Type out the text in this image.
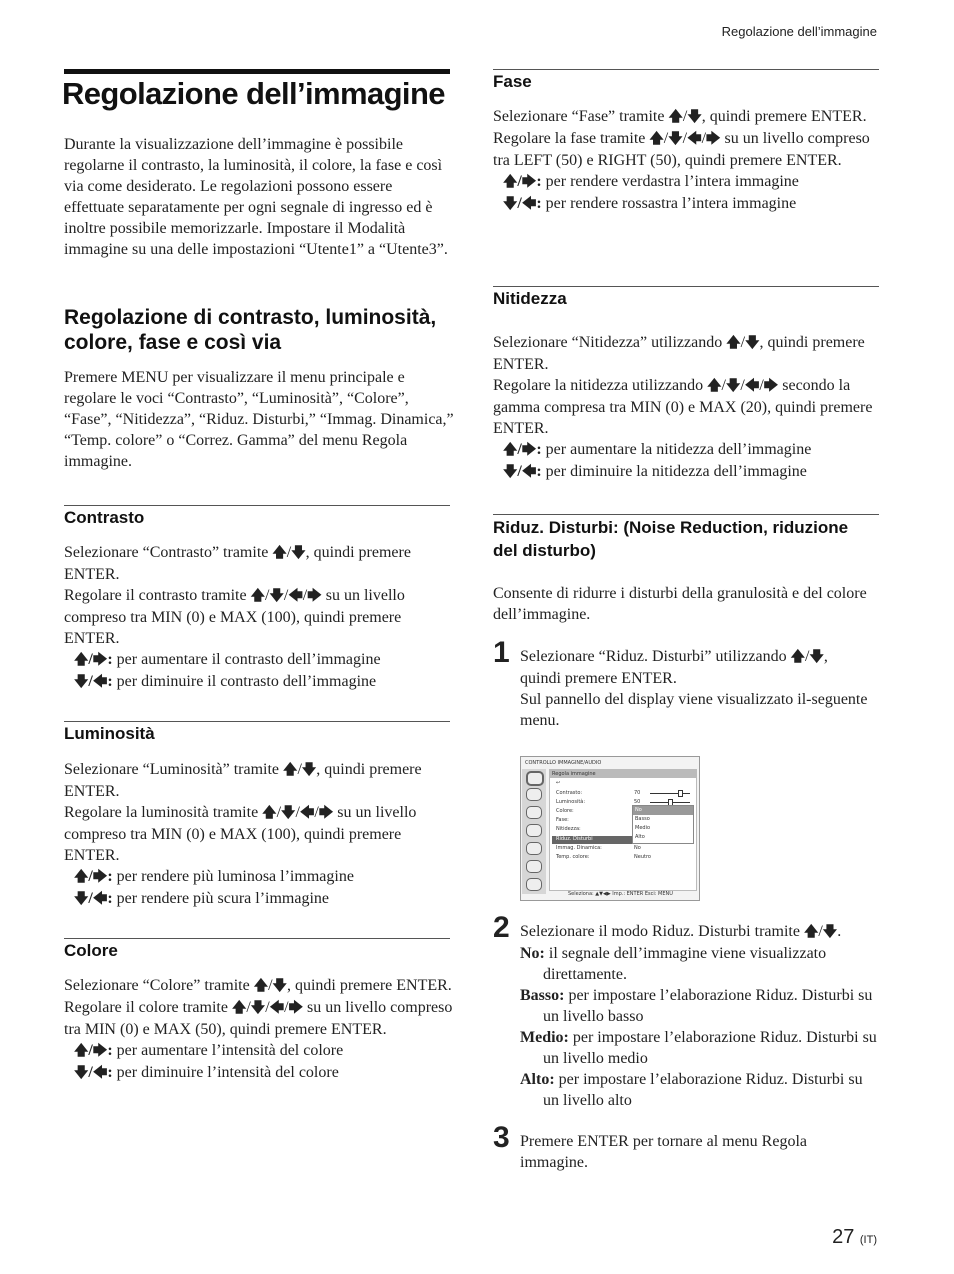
Regolazione dell’immagine
Regolazione dell’immagine

Durante la visualizzazione dell’immagine è possibile regolarne il contrasto, la luminosità, il colore, la fase e così via come desiderato. Le regolazioni possono essere effettuate separatamente per ogni segnale di ingresso ed è inoltre possibile memorizzarle. Impostare il Modalità immagine su una delle impostazioni “Utente1” a “Utente3”.

Regolazione di contrasto, luminosità, colore, fase e così via

Premere MENU per visualizzare il menu principale e regolare le voci “Contrasto”, “Luminosità”, “Colore”, “Fase”, “Nitidezza”, “Riduz. Disturbi,” “Immag. Dinamica,” “Temp. colore” o “Correz. Gamma” del menu Regola immagine.

Contrasto
Selezionare “Contrasto” tramite 🡅/🡇, quindi premere ENTER.
Regolare il contrasto tramite 🡅/🡇/🡄/🡆 su un livello compreso tra MIN (0) e MAX (100), quindi premere ENTER.
🡅/🡆: per aumentare il contrasto dell’immagine
🡇/🡄: per diminuire il contrasto dell’immagine
Luminosità
Selezionare “Luminosità” tramite 🡅/🡇, quindi premere ENTER.
Regolare la luminosità tramite 🡅/🡇/🡄/🡆 su un livello compreso tra MIN (0) e MAX (100), quindi premere ENTER.
🡅/🡆: per rendere più luminosa l’immagine
🡇/🡄: per rendere più scura l’immagine
Colore
Selezionare “Colore” tramite 🡅/🡇, quindi premere ENTER.
Regolare il colore tramite 🡅/🡇/🡄/🡆 su un livello compreso tra MIN (0) e MAX (50), quindi premere ENTER.
🡅/🡆: per aumentare l’intensità del colore
🡇/🡄: per diminuire l’intensità del colore
Fase
Selezionare “Fase” tramite 🡅/🡇, quindi premere ENTER.
Regolare la fase tramite 🡅/🡇/🡄/🡆 su un livello compreso tra LEFT (50) e RIGHT (50), quindi premere ENTER.
🡅/🡆: per rendere verdastra l’intera immagine
🡇/🡄: per rendere rossastra l’intera immagine
Nitidezza
Selezionare “Nitidezza” utilizzando 🡅/🡇, quindi premere ENTER.
Regolare la nitidezza utilizzando 🡅/🡇/🡄/🡆 secondo la gamma compresa tra MIN (0) e MAX (20), quindi premere ENTER.
🡅/🡆: per aumentare la nitidezza dell’immagine
🡇/🡄: per diminuire la nitidezza dell’immagine
Riduz. Disturbi: (Noise Reduction, riduzione del disturbo)

Consente di ridurre i disturbi della granulosità e del colore dell’immagine.

1 Selezionare “Riduz. Disturbi” utilizzando 🡅/🡇, quindi premere ENTER.
Sul pannello del display viene visualizzato il-seguente menu.
CONTROLLO IMMAGINE/AUDIO
Regola immagine
↩
Contrasto:	70
Luminosità:	50
Colore:
Fase:
Nitidezza:
Riduz. Disturbi
Immag. Dinamica:	No
Temp. colore:	Neutro
No
Basso
Medio
Alto
Seleziona: ▲▼◀▶ Imp.: ENTER Esci: MENU
2 Selezionare il modo Riduz. Disturbi tramite 🡅/🡇.
No: il segnale dell’immagine viene visualizzato direttamente.
Basso: per impostare l’elaborazione Riduz. Disturbi su un livello basso
Medio: per impostare l’elaborazione Riduz. Disturbi su un livello medio
Alto: per impostare l’elaborazione Riduz. Disturbi su un livello alto
3 Premere ENTER per tornare al menu Regola immagine.

27 (IT)
